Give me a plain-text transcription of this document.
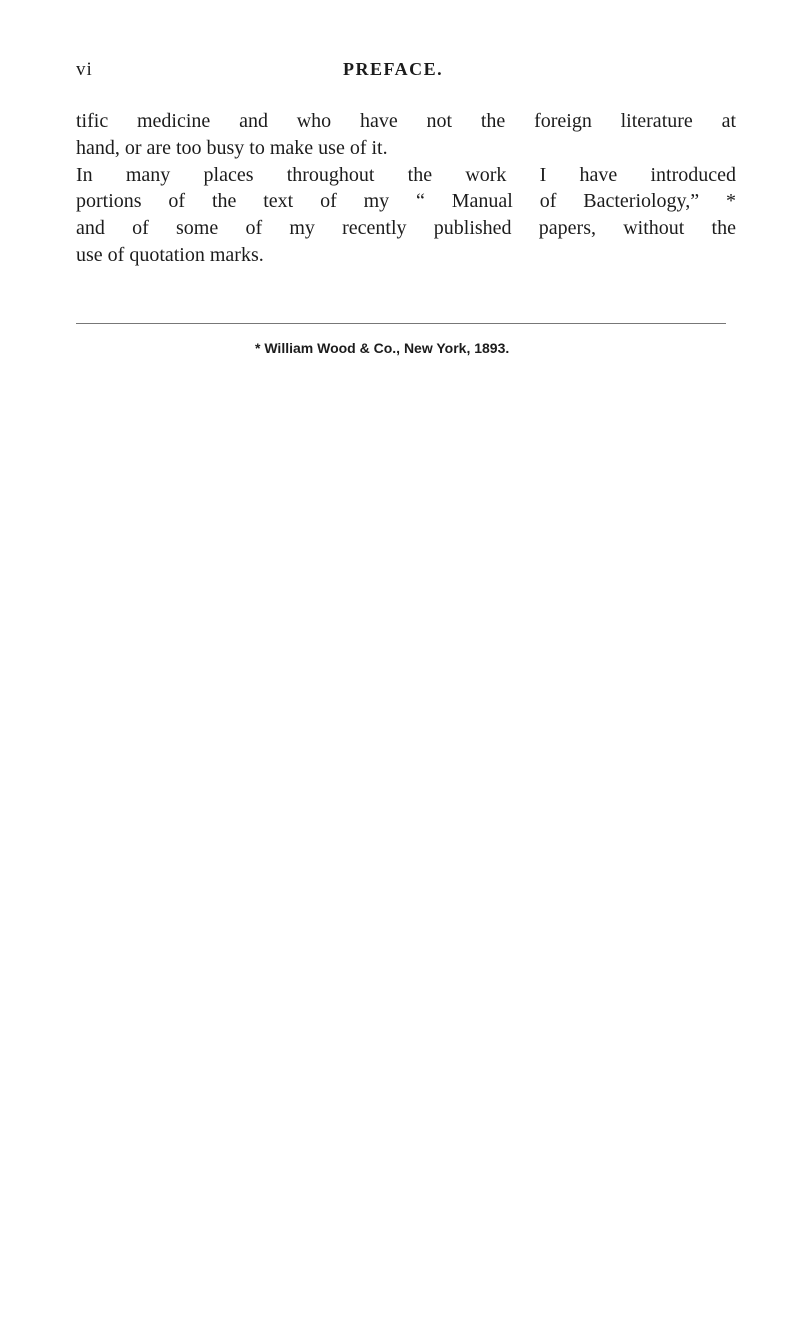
vi	PREFACE.
tific medicine and who have not the foreign literature at
hand, or are too busy to make use of it.
In many places throughout the work I have introduced
portions of the text of my “ Manual of Bacteriology,” *
and of some of my recently published papers, without the
use of quotation marks.
* William Wood & Co., New York, 1893.
